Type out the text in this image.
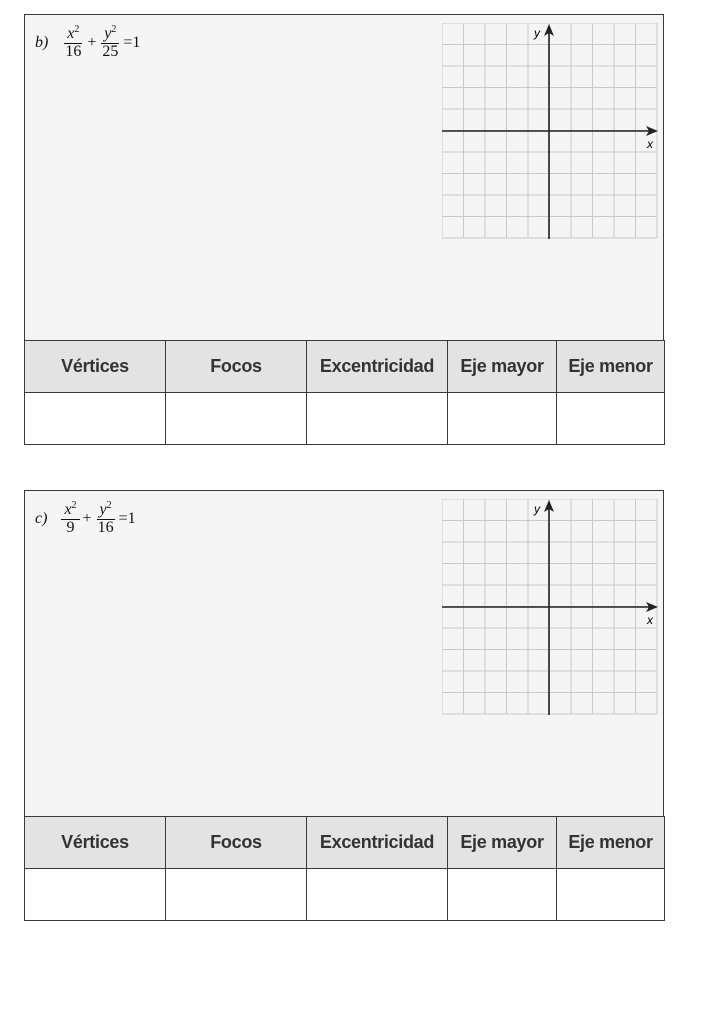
$b) \frac{x^2}{16} + \frac{y^2}{25} =1$
x
y
Vértices	Focos	Excentricidad	Eje mayor	Eje menor

$c) \frac{x^2}{9} + \frac{y^2}{16} =1$
x
y
Vértices	Focos	Excentricidad	Eje mayor	Eje menor
